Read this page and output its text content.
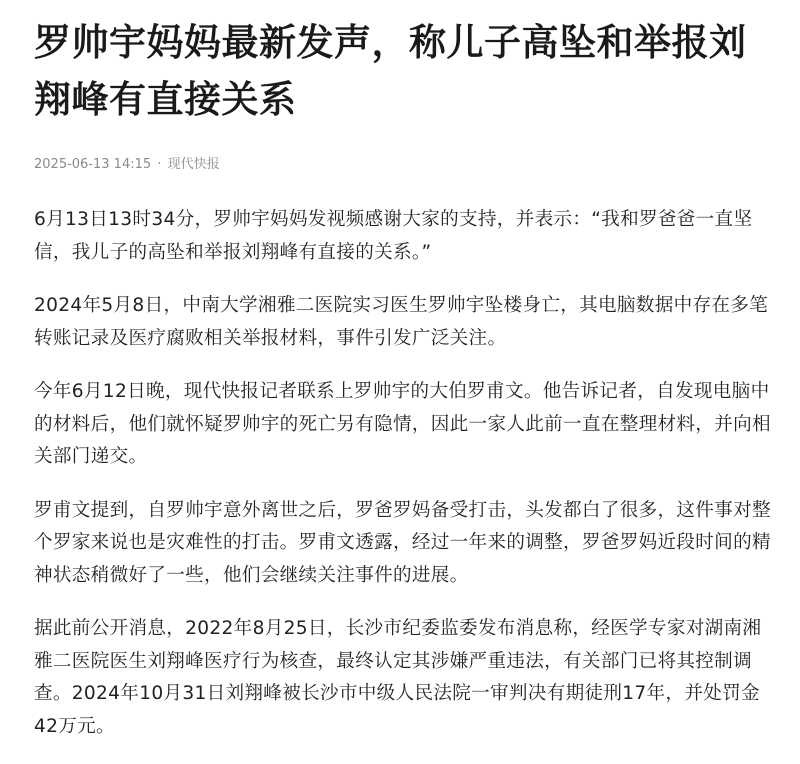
罗帅宇妈妈最新发声，称儿子高坠和举报刘翔峰有直接关系
2025-06-13 14:15 · 现代快报

6月13日13时34分，罗帅宇妈妈发视频感谢大家的支持，并表示：“我和罗爸爸一直坚信，我儿子的高坠和举报刘翔峰有直接的关系。”

2024年5月8日，中南大学湘雅二医院实习医生罗帅宇坠楼身亡，其电脑数据中存在多笔转账记录及医疗腐败相关举报材料，事件引发广泛关注。

今年6月12日晚，现代快报记者联系上罗帅宇的大伯罗甫文。他告诉记者，自发现电脑中的材料后，他们就怀疑罗帅宇的死亡另有隐情，因此一家人此前一直在整理材料，并向相关部门递交。

罗甫文提到，自罗帅宇意外离世之后，罗爸罗妈备受打击，头发都白了很多，这件事对整个罗家来说也是灾难性的打击。罗甫文透露，经过一年来的调整，罗爸罗妈近段时间的精神状态稍微好了一些，他们会继续关注事件的进展。

据此前公开消息，2022年8月25日，长沙市纪委监委发布消息称，经医学专家对湖南湘雅二医院医生刘翔峰医疗行为核查，最终认定其涉嫌严重违法，有关部门已将其控制调查。2024年10月31日刘翔峰被长沙市中级人民法院一审判决有期徒刑17年，并处罚金42万元。
